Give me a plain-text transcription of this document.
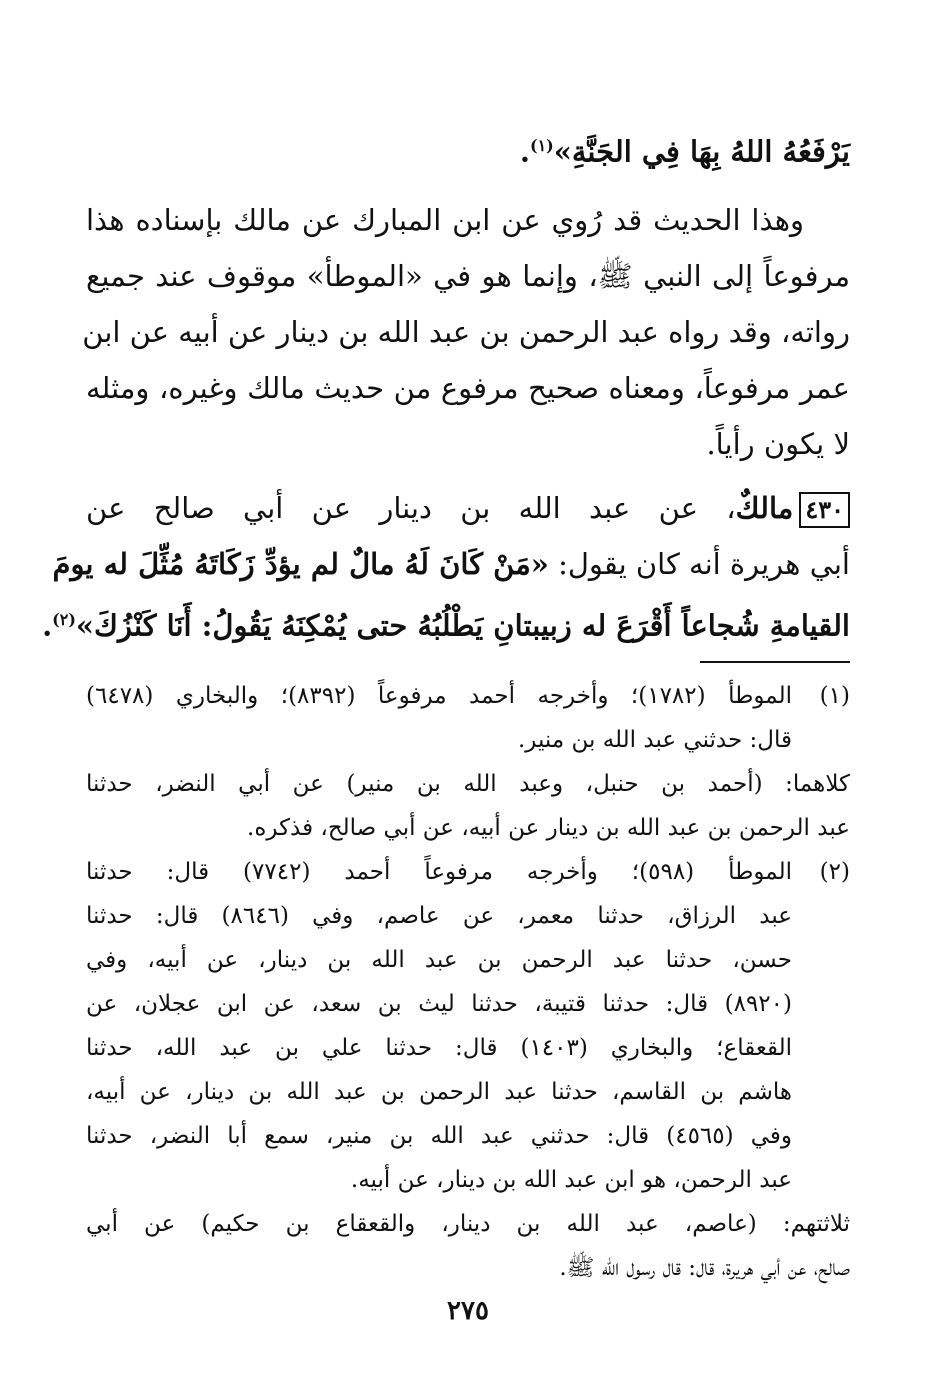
يَرْفَعُهُ اللهُ بِهَا فِي الجَنَّةِ»$^{(١)}$.
وهذا الحديث قد رُوي عن ابن المبارك عن مالك بإسناده هذا
مرفوعاً إلى النبي ﷺ، وإنما هو في «الموطأ» موقوف عند جميع
رواته، وقد رواه عبد الرحمن بن عبد الله بن دينار عن أبيه عن ابن
عمر مرفوعاً، ومعناه صحيح مرفوع من حديث مالك وغيره، ومثله
لا يكون رأياً.
٤٣٠مالكٌ، عن عبد الله بن دينار عن أبي صالح عن
أبي هريرة أنه كان يقول: «مَنْ كَانَ لَهُ مالٌ لم يؤدِّ زَكَاتَهُ مُثِّلَ له يومَ
القيامةِ شُجاعاً أَقْرَعَ له زبيبتانِ يَطْلُبُهُ حتى يُمْكِنَهُ يَقُولُ: أَنَا كَنْزُكَ»$^{(٢)}$.
(١)
الموطأ (١٧٨٢)؛ وأخرجه أحمد مرفوعاً (٨٣٩٢)؛ والبخاري (٦٤٧٨)
قال: حدثني عبد الله بن منير.
كلاهما: (أحمد بن حنبل، وعبد الله بن منير) عن أبي النضر، حدثنا
عبد الرحمن بن عبد الله بن دينار عن أبيه، عن أبي صالح، فذكره.
(٢)
الموطأ (٥٩٨)؛ وأخرجه مرفوعاً أحمد (٧٧٤٢) قال: حدثنا
عبد الرزاق، حدثنا معمر، عن عاصم، وفي (٨٦٤٦) قال: حدثنا
حسن، حدثنا عبد الرحمن بن عبد الله بن دينار، عن أبيه، وفي
(٨٩٢٠) قال: حدثنا قتيبة، حدثنا ليث بن سعد، عن ابن عجلان، عن
القعقاع؛ والبخاري (١٤٠٣) قال: حدثنا علي بن عبد الله، حدثنا
هاشم بن القاسم، حدثنا عبد الرحمن بن عبد الله بن دينار، عن أبيه،
وفي (٤٥٦٥) قال: حدثني عبد الله بن منير، سمع أبا النضر، حدثنا
عبد الرحمن، هو ابن عبد الله بن دينار، عن أبيه.
ثلاثتهم: (عاصم، عبد الله بن دينار، والقعقاع بن حكيم) عن أبي
صالح، عن أبي هريرة، قال: قال رسول الله ﷺ.
٢٧٥
